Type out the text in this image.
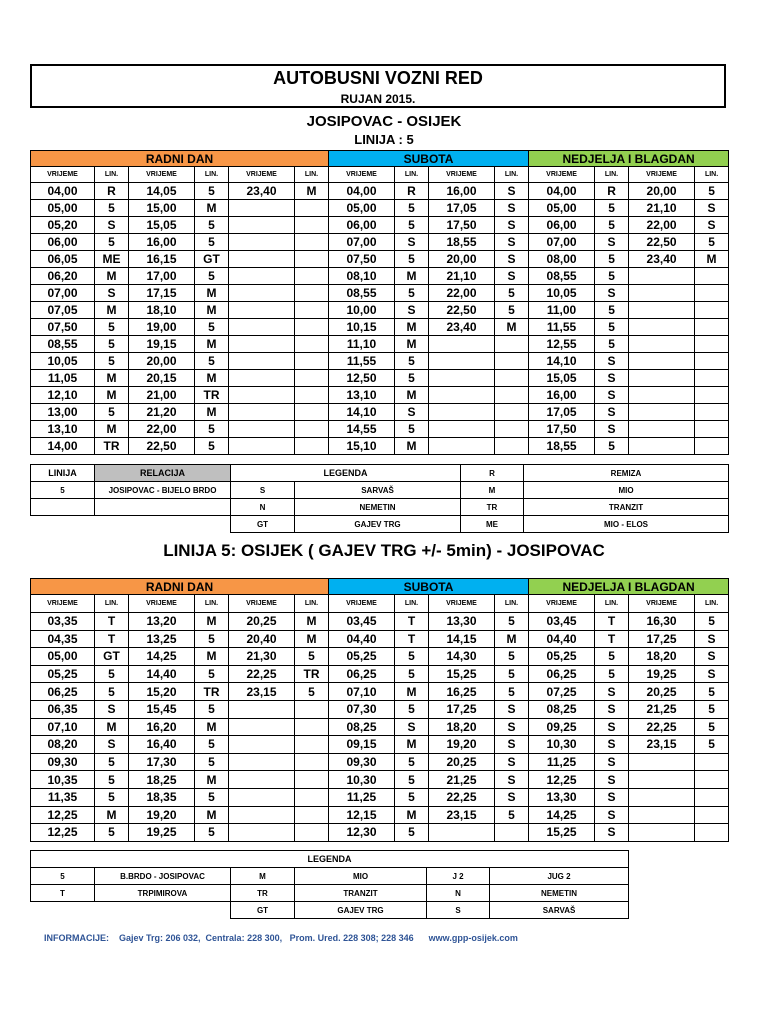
AUTOBUSNI VOZNI RED
RUJAN 2015.
JOSIPOVAC - OSIJEK
LINIJA : 5
RADNI DAN						SUBOTA				NEDJELJA I BLAGDAN			
VRIJEME	LIN.	VRIJEME	LIN.	VRIJEME	LIN.	VRIJEME	LIN.	VRIJEME	LIN.	VRIJEME	LIN.	VRIJEME	LIN.
04,00	R	14,05	5	23,40	M	04,00	R	16,00	S	04,00	R	20,00	5
05,00	5	15,00	M			05,00	5	17,05	S	05,00	5	21,10	S
05,20	S	15,05	5			06,00	5	17,50	S	06,00	5	22,00	S
06,00	5	16,00	5			07,00	S	18,55	S	07,00	S	22,50	5
06,05	ME	16,15	GT			07,50	5	20,00	S	08,00	5	23,40	M
06,20	M	17,00	5			08,10	M	21,10	S	08,55	5		
07,00	S	17,15	M			08,55	5	22,00	5	10,05	S		
07,05	M	18,10	M			10,00	S	22,50	5	11,00	5		
07,50	5	19,00	5			10,15	M	23,40	M	11,55	5		
08,55	5	19,15	M			11,10	M			12,55	5		
10,05	5	20,00	5			11,55	5			14,10	S		
11,05	M	20,15	M			12,50	5			15,05	S		
12,10	M	21,00	TR			13,10	M			16,00	S		
13,00	5	21,20	M			14,10	S			17,05	S		
13,10	M	22,00	5			14,55	5			17,50	S		
14,00	TR	22,50	5			15,10	M			18,55	5		
LINIJA	RELACIJA	LEGENDA		R	REMIZA
5	JOSIPOVAC - BIJELO BRDO	S	SARVAŠ	M	MIO
		N	NEMETIN	TR	TRANZIT
		GT	GAJEV TRG	ME	MIO - ELOS
LINIJA 5: OSIJEK ( GAJEV TRG +/- 5min) - JOSIPOVAC
RADNI DAN						SUBOTA				NEDJELJA I BLAGDAN			
VRIJEME	LIN.	VRIJEME	LIN.	VRIJEME	LIN.	VRIJEME	LIN.	VRIJEME	LIN.	VRIJEME	LIN.	VRIJEME	LIN.
03,35	T	13,20	M	20,25	M	03,45	T	13,30	5	03,45	T	16,30	5
04,35	T	13,25	5	20,40	M	04,40	T	14,15	M	04,40	T	17,25	S
05,00	GT	14,25	M	21,30	5	05,25	5	14,30	5	05,25	5	18,20	S
05,25	5	14,40	5	22,25	TR	06,25	5	15,25	5	06,25	5	19,25	S
06,25	5	15,20	TR	23,15	5	07,10	M	16,25	5	07,25	S	20,25	5
06,35	S	15,45	5			07,30	5	17,25	S	08,25	S	21,25	5
07,10	M	16,20	M			08,25	S	18,20	S	09,25	S	22,25	5
08,20	S	16,40	5			09,15	M	19,20	S	10,30	S	23,15	5
09,30	5	17,30	5			09,30	5	20,25	S	11,25	S		
10,35	5	18,25	M			10,30	5	21,25	S	12,25	S		
11,35	5	18,35	5			11,25	5	22,25	S	13,30	S		
12,25	M	19,20	M			12,15	M	23,15	5	14,25	S		
12,25	5	19,25	5			12,30	5			15,25	S		
LEGENDA					
5	B.BRDO - JOSIPOVAC	M	MIO	J 2	JUG 2
T	TRPIMIROVA	TR	TRANZIT	N	NEMETIN
		GT	GAJEV TRG	S	SARVAŠ
INFORMACIJE:    Gajev Trg: 206 032,  Centrala: 228 300,   Prom. Ured. 228 308; 228 346      www.gpp-osijek.com
